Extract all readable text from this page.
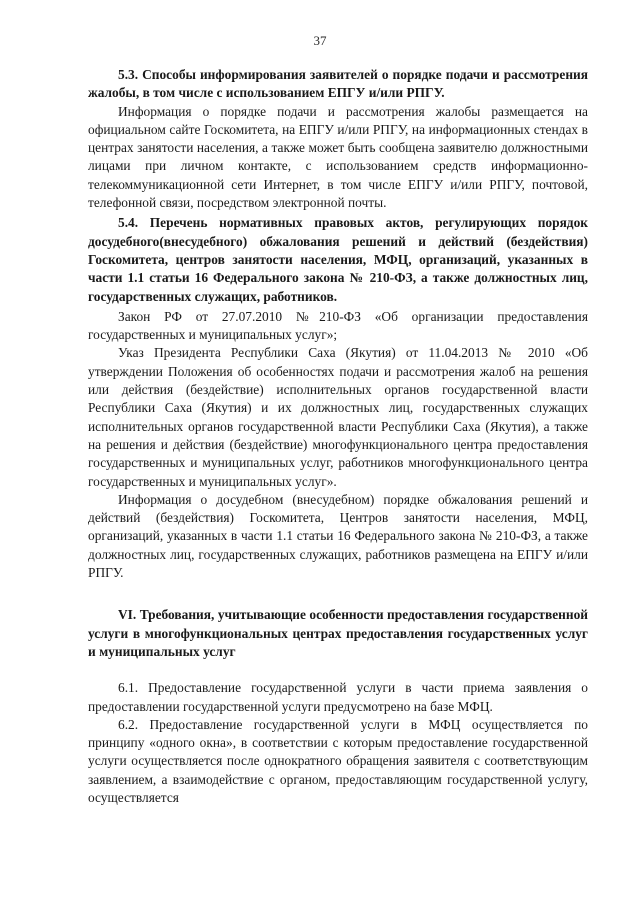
37

5.3. Способы информирования заявителей о порядке подачи и рассмотрения жалобы, в том числе с использованием ЕПГУ и/или РПГУ.

Информация о порядке подачи и рассмотрения жалобы размещается на официальном сайте Госкомитета, на ЕПГУ и/или РПГУ, на информационных стендах в центрах занятости населения, а также может быть сообщена заявителю должностными лицами при личном контакте, с использованием средств информационно-телекоммуникационной сети Интернет, в том числе ЕПГУ и/или РПГУ, почтовой, телефонной связи, посредством электронной почты.

5.4. Перечень нормативных правовых актов, регулирующих порядок досудебного(внесудебного) обжалования решений и действий (бездействия) Госкомитета, центров занятости населения, МФЦ, организаций, указанных в части 1.1 статьи 16 Федерального закона № 210-ФЗ, а также должностных лиц, государственных служащих, работников.

Закон РФ от 27.07.2010 №210-ФЗ «Об организации предоставления государственных и муниципальных услуг»;

Указ Президента Республики Саха (Якутия) от 11.04.2013 № 2010 «Об утверждении Положения об особенностях подачи и рассмотрения жалоб на решения или действия (бездействие) исполнительных органов государственной власти Республики Саха (Якутия) и их должностных лиц, государственных служащих исполнительных органов государственной власти Республики Саха (Якутия), а также на решения и действия (бездействие) многофункционального центра предоставления государственных и муниципальных услуг, работников многофункционального центра государственных и муниципальных услуг».

Информация о досудебном (внесудебном) порядке обжалования решений и действий (бездействия) Госкомитета, Центров занятости населения, МФЦ, организаций, указанных в части 1.1 статьи 16 Федерального закона № 210-ФЗ, а также должностных лиц, государственных служащих, работников размещена на ЕПГУ и/или РПГУ.

VI. Требования, учитывающие особенности предоставления государственной услуги в многофункциональных центрах предоставления государственных услуг и муниципальных услуг

6.1. Предоставление государственной услуги в части приема заявления о предоставлении государственной услуги предусмотрено на базе МФЦ.

6.2. Предоставление государственной услуги в МФЦ осуществляется по принципу «одного окна», в соответствии с которым предоставление государственной услуги осуществляется после однократного обращения заявителя с соответствующим заявлением, а взаимодействие с органом, предоставляющим государственной услугу, осуществляется
